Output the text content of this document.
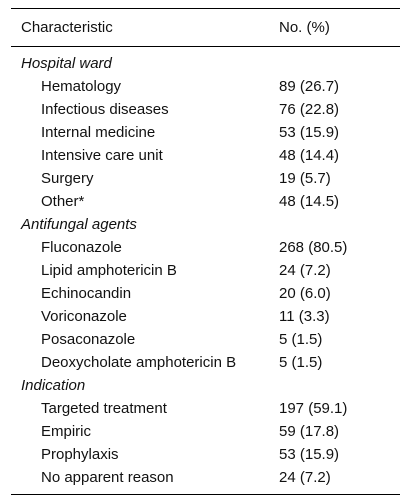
Characteristic	No. (%)
Hospital ward
Hematology	89 (26.7)
Infectious diseases	76 (22.8)
Internal medicine	53 (15.9)
Intensive care unit	48 (14.4)
Surgery	19 (5.7)
Other*	48 (14.5)
Antifungal agents
Fluconazole	268 (80.5)
Lipid amphotericin B	24 (7.2)
Echinocandin	20 (6.0)
Voriconazole	11 (3.3)
Posaconazole	5 (1.5)
Deoxycholate amphotericin B	5 (1.5)
Indication
Targeted treatment	197 (59.1)
Empiric	59 (17.8)
Prophylaxis	53 (15.9)
No apparent reason	24 (7.2)
